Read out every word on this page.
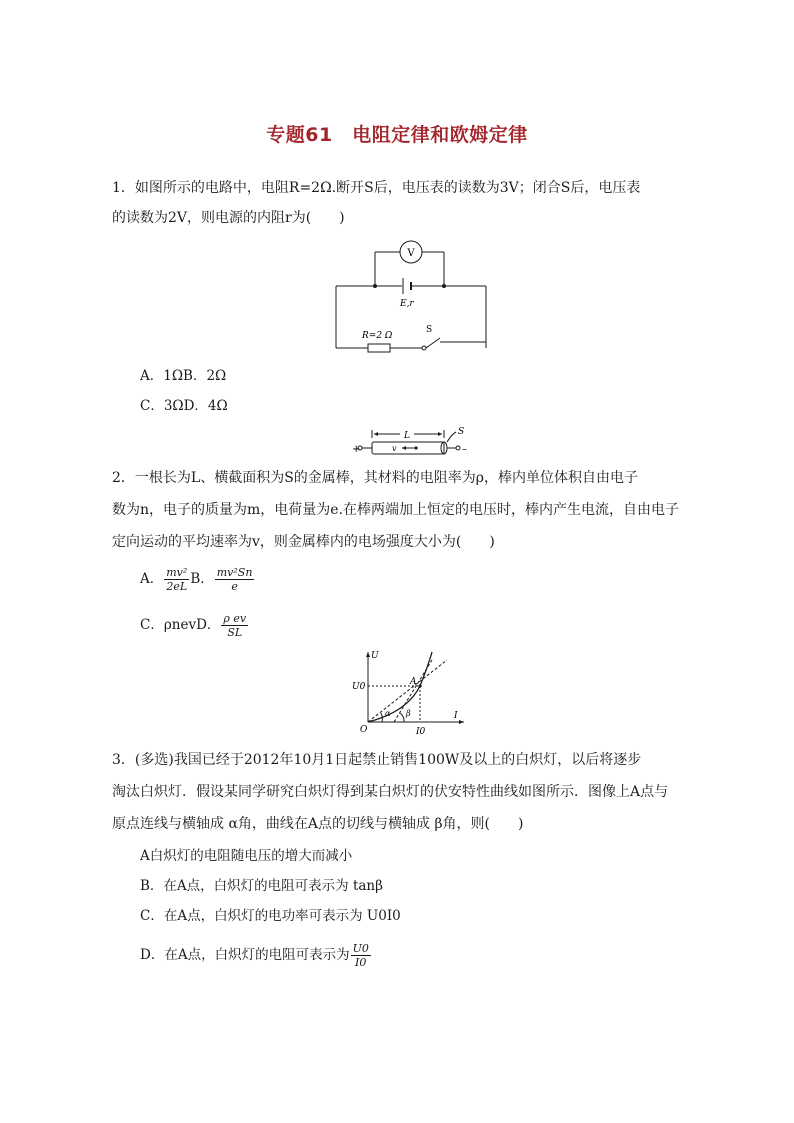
专题61　电阻定律和欧姆定律
1．如图所示的电路中，电阻R=2Ω.断开S后，电压表的读数为3V；闭合S后，电压表
的读数为2V，则电源的内阻r为(　　)
V
E,r
R=2 Ω
S
A．1ΩB．2Ω
C．3ΩD．4Ω
+	–
L	S
v
2．一根长为L、横截面积为S的金属棒，其材料的电阻率为ρ，棒内单位体积自由电子
数为n，电子的质量为m，电荷量为e.在棒两端加上恒定的电压时，棒内产生电流，自由电子
定向运动的平均速率为v，则金属棒内的电场强度大小为(　　)
A． $\frac{\text{mv²}}{2eL}$ B． $\frac{\text{mv²Sn}}{e}$
C．ρnevD． $\frac{\text{ρ ev}}{SL}$
U
I
O
U0
I0
A
α β
3．(多选)我国已经于2012年10月1日起禁止销售100W及以上的白炽灯，以后将逐步
淘汰白炽灯．假设某同学研究白炽灯得到某白炽灯的伏安特性曲线如图所示．图像上A点与
原点连线与横轴成 α角，曲线在A点的切线与横轴成 β角，则(　　)
A白炽灯的电阻随电压的增大而减小
B．在A点，白炽灯的电阻可表示为 tanβ
C．在A点，白炽灯的电功率可表示为 U0I0
D．在A点，白炽灯的电阻可表示为 $\frac{U0}{I0}$
